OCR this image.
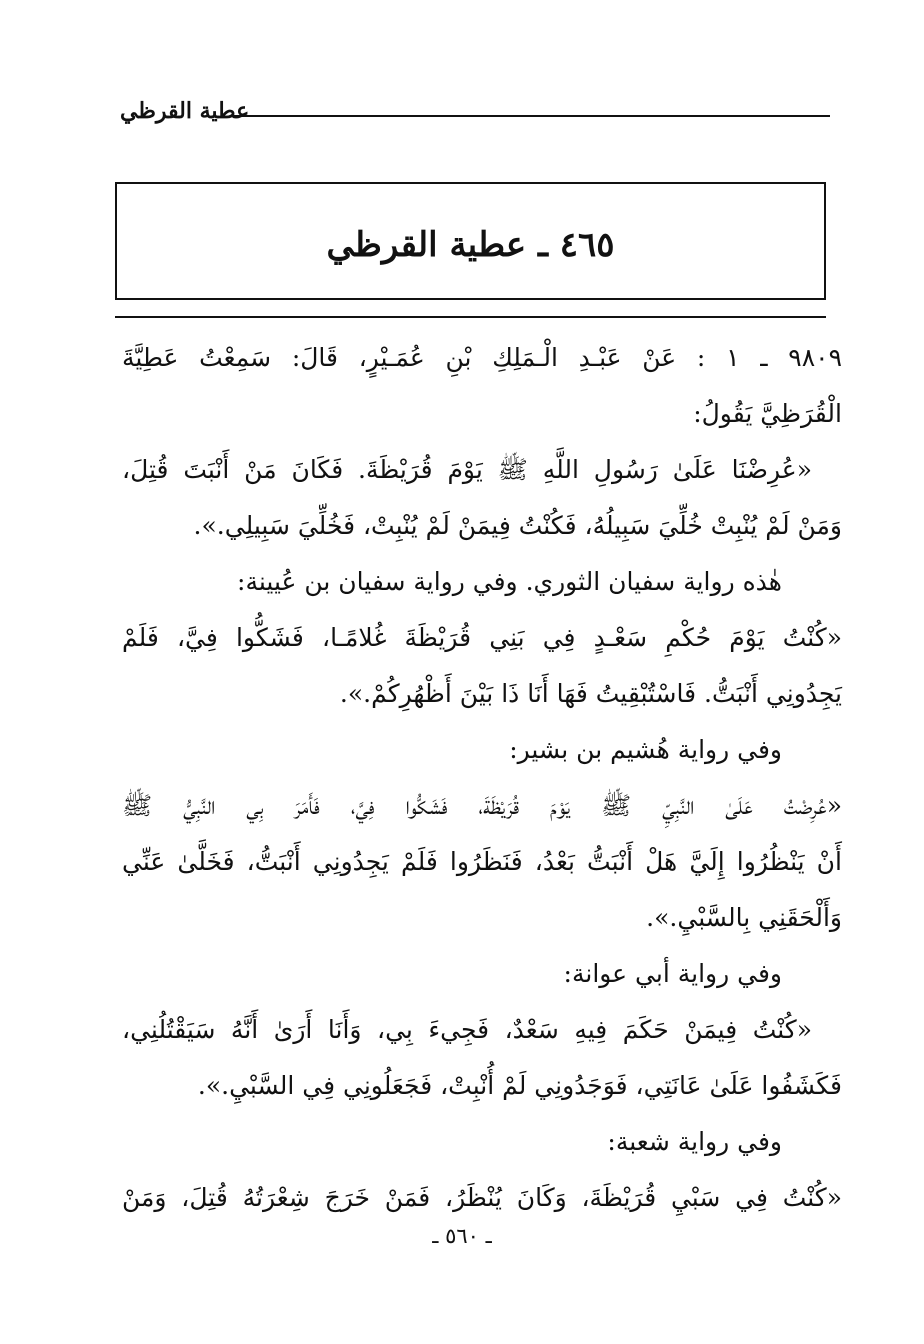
عطية القرظي
٤٦٥ ـ عطية القرظي
٩٨٠٩ ـ ١ : عَنْ عَبْـدِ الْـمَلِكِ بْنِ عُمَـيْرٍ، قَالَ: سَمِعْتُ عَطِيَّةَ
الْقُرَظِيَّ يَقُولُ:
«عُرِضْنَا عَلَىٰ رَسُولِ اللَّهِ ﷺ يَوْمَ قُرَيْظَةَ. فَكَانَ مَنْ أَنْبَتَ قُتِلَ،
وَمَنْ لَمْ يُنْبِتْ خُلِّيَ سَبِيلُهُ، فَكُنْتُ فِيمَنْ لَمْ يُنْبِتْ، فَخُلِّيَ سَبِيلِي.».
هٰذه رواية سفيان الثوري. وفي رواية سفيان بن عُيينة:
«كُنْتُ يَوْمَ حُكْمِ سَعْـدٍ فِي بَنِي قُرَيْظَةَ غُلامًـا، فَشَكُّوا فِيَّ، فَلَمْ
يَجِدُونِي أَنْبَتُّ. فَاسْتُبْقِيتُ فَهَا أَنَا ذَا بَيْنَ أَظْهُرِكُمْ.».
وفي رواية هُشيم بن بشير:
«عُرِضْتُ عَلَىٰ النَّبِيِّ ﷺ يَوْمَ قُرَيْظَةَ، فَشَكُّوا فِيَّ، فَأَمَرَ بِي النَّبِيُّ ﷺ
أَنْ يَنْظُرُوا إِلَيَّ هَلْ أَنْبَتُّ بَعْدُ، فَنَظَرُوا فَلَمْ يَجِدُونِي أَنْبَتُّ، فَخَلَّىٰ عَنِّي
وَأَلْحَقَنِي بِالسَّبْيِ.».
وفي رواية أبي عوانة:
«كُنْتُ فِيمَنْ حَكَمَ فِيهِ سَعْدٌ، فَجِيءَ بِي، وَأَنَا أَرَىٰ أَنَّهُ سَيَقْتُلُنِي،
فَكَشَفُوا عَلَىٰ عَانَتِي، فَوَجَدُونِي لَمْ أُنْبِتْ، فَجَعَلُونِي فِي السَّبْيِ.».
وفي رواية شعبة:
«كُنْتُ فِي سَبْيِ قُرَيْظَةَ، وَكَانَ يُنْظَرُ، فَمَنْ خَرَجَ شِعْرَتُهُ قُتِلَ، وَمَنْ
ـ ٥٦٠ ـ
